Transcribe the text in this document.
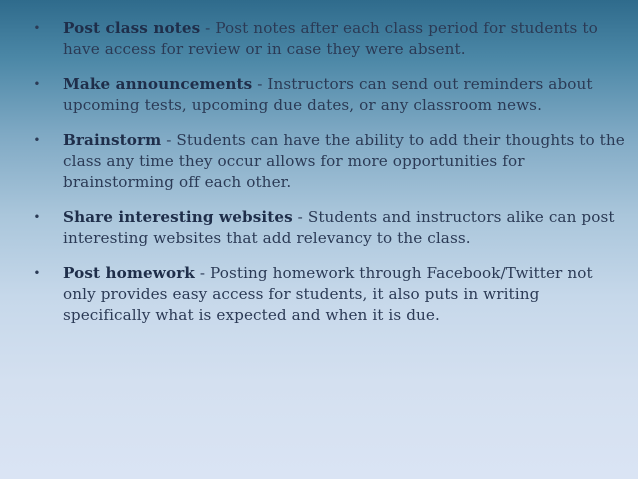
• Post class notes - Post notes after each class period for students to have access for review or in case they were absent.
• Make announcements - Instructors can send out reminders about upcoming tests, upcoming due dates, or any classroom news.
• Brainstorm - Students can have the ability to add their thoughts to the class any time they occur allows for more opportunities for brainstorming off each other.
• Share interesting websites - Students and instructors alike can post interesting websites that add relevancy to the class.
• Post homework - Posting homework through Facebook/Twitter not only provides easy access for students, it also puts in writing specifically what is expected and when it is due.
